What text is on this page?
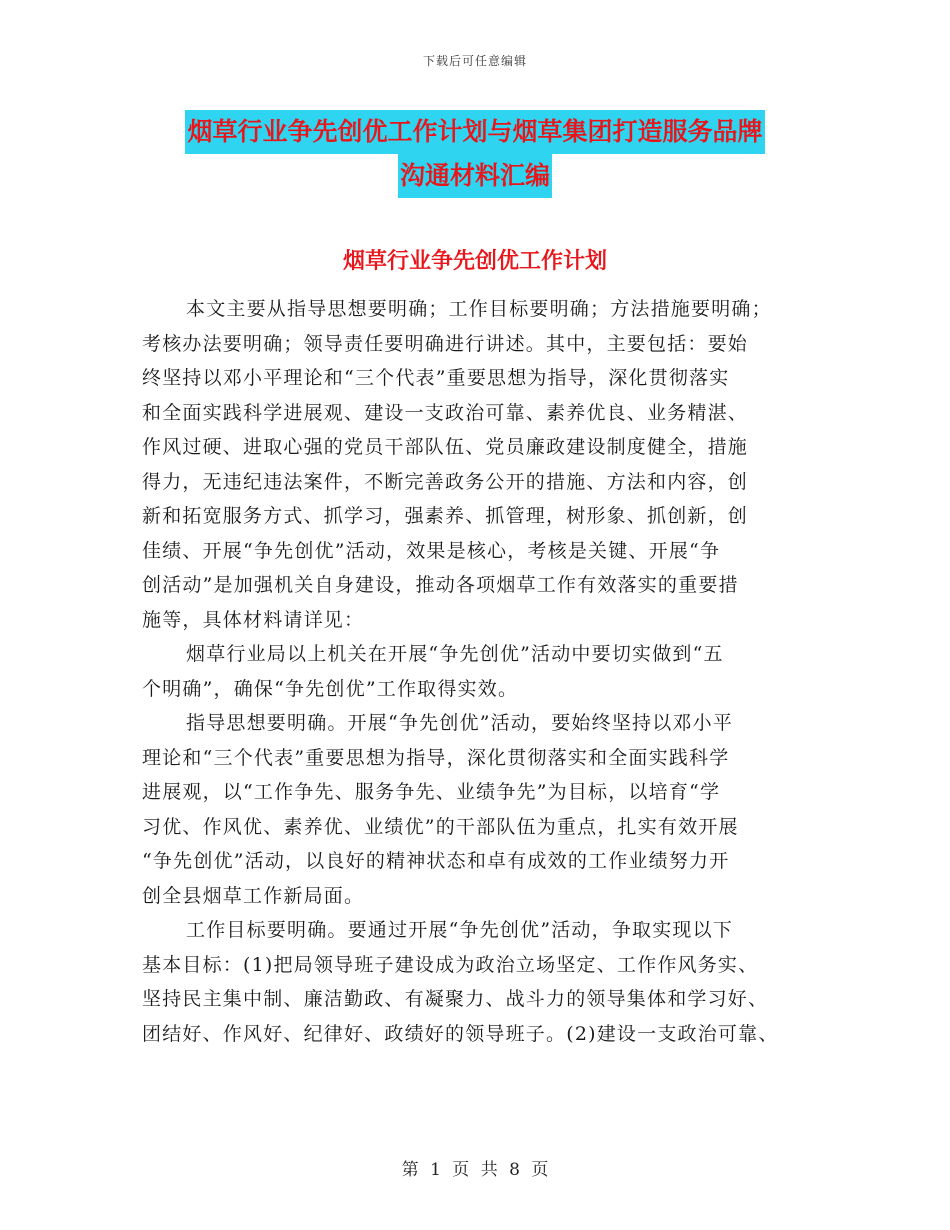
下载后可任意编辑
烟草行业争先创优工作计划与烟草集团打造服务品牌
沟通材料汇编
烟草行业争先创优工作计划
本文主要从指导思想要明确；工作目标要明确；方法措施要明确；
考核办法要明确；领导责任要明确进行讲述。其中，主要包括：要始
终坚持以邓小平理论和“三个代表”重要思想为指导，深化贯彻落实
和全面实践科学进展观、建设一支政治可靠、素养优良、业务精湛、
作风过硬、进取心强的党员干部队伍、党员廉政建设制度健全，措施
得力，无违纪违法案件，不断完善政务公开的措施、方法和内容，创
新和拓宽服务方式、抓学习，强素养、抓管理，树形象、抓创新，创
佳绩、开展“争先创优”活动，效果是核心，考核是关键、开展“争
创活动”是加强机关自身建设，推动各项烟草工作有效落实的重要措
施等，具体材料请详见：
烟草行业局以上机关在开展“争先创优”活动中要切实做到“五
个明确”，确保“争先创优”工作取得实效。
指导思想要明确。开展“争先创优”活动，要始终坚持以邓小平
理论和“三个代表”重要思想为指导，深化贯彻落实和全面实践科学
进展观，以“工作争先、服务争先、业绩争先”为目标，以培育“学
习优、作风优、素养优、业绩优”的干部队伍为重点，扎实有效开展
“争先创优”活动，以良好的精神状态和卓有成效的工作业绩努力开
创全县烟草工作新局面。
工作目标要明确。要通过开展“争先创优”活动，争取实现以下
基本目标：(1)把局领导班子建设成为政治立场坚定、工作作风务实、
坚持民主集中制、廉洁勤政、有凝聚力、战斗力的领导集体和学习好、
团结好、作风好、纪律好、政绩好的领导班子。(2)建设一支政治可靠、
第 1 页 共 8 页
